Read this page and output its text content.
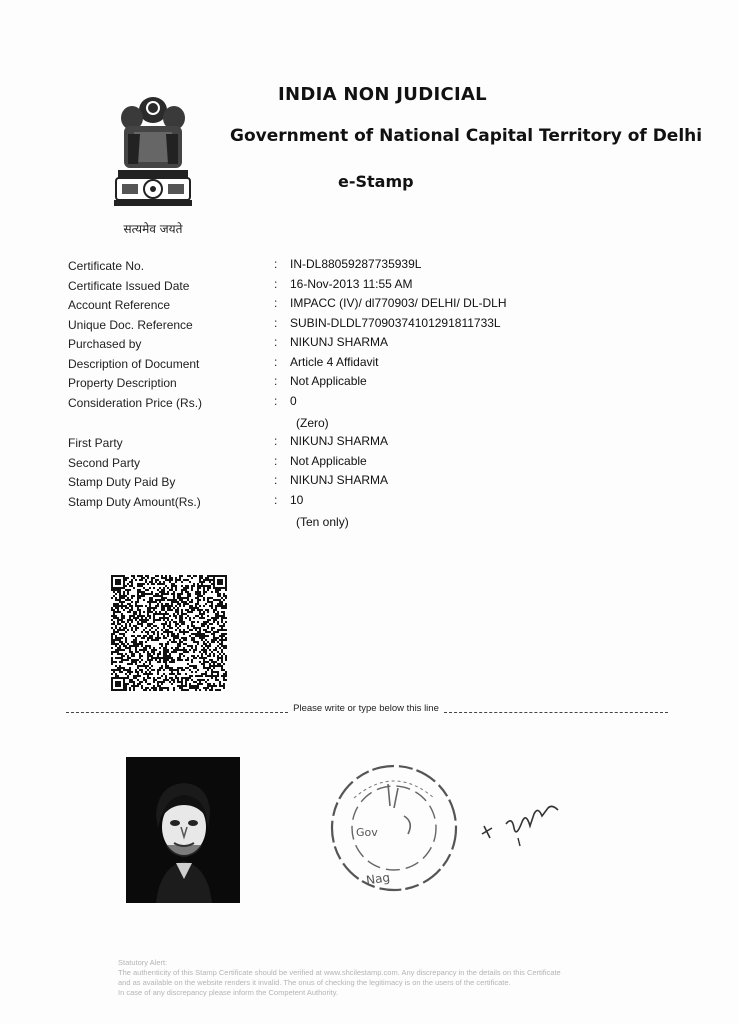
सत्यमेव जयते
INDIA NON JUDICIAL
Government of National Capital Territory of Delhi
e-Stamp
Certificate No.	: IN-DL88059287735939L
Certificate Issued Date	: 16-Nov-2013 11:55 AM
Account Reference	: IMPACC (IV)/ dl770903/ DELHI/ DL-DLH
Unique Doc. Reference	: SUBIN-DLDL77090374101291811733L
Purchased by	: NIKUNJ SHARMA
Description of Document	: Article 4 Affidavit
Property Description	: Not Applicable
Consideration Price (Rs.)	: 0
(Zero)
First Party	: NIKUNJ SHARMA
Second Party	: Not Applicable
Stamp Duty Paid By	: NIKUNJ SHARMA
Stamp Duty Amount(Rs.)	: 10
(Ten only)
Please write or type below this line
Gov
Nag
Statutory Alert:
The authenticity of this Stamp Certificate should be verified at www.shcilestamp.com. Any discrepancy in the details on this Certificate
and as available on the website renders it invalid. The onus of checking the legitimacy is on the users of the certificate.
In case of any discrepancy please inform the Competent Authority.
